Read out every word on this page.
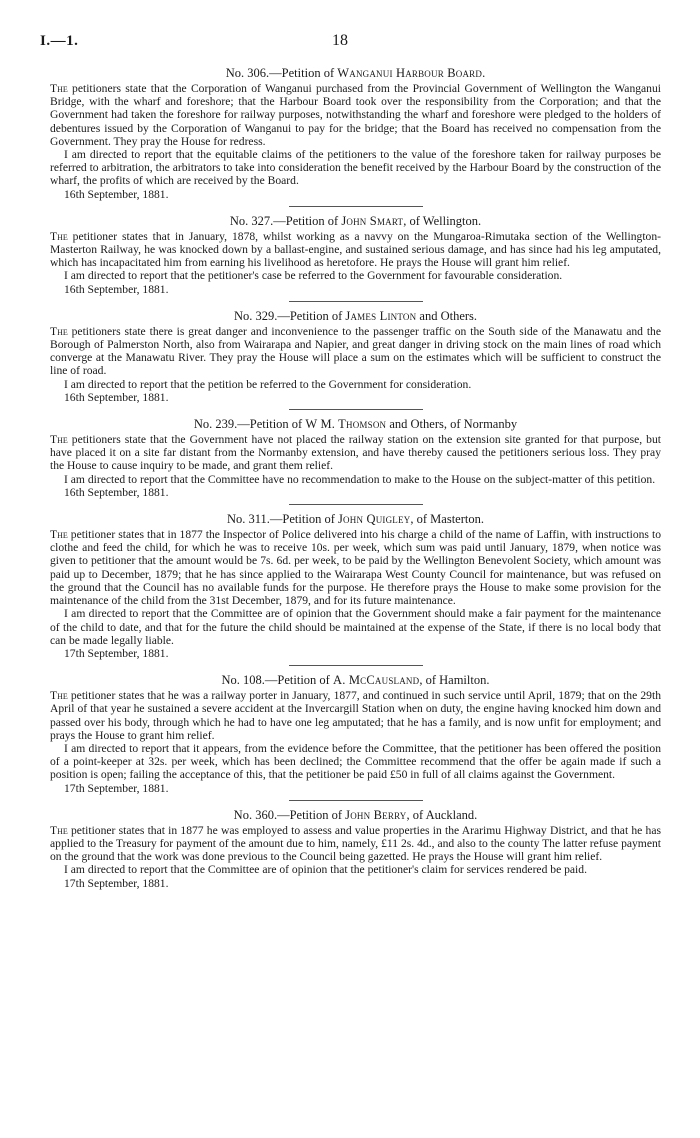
I.—1.	18
No. 306.—Petition of Wanganui Harbour Board.

The petitioners state that the Corporation of Wanganui purchased from the Provincial Government of Wellington the Wanganui Bridge, with the wharf and foreshore; that the Harbour Board took over the responsibility from the Corporation; and that the Government had taken the foreshore for railway purposes, notwithstanding the wharf and foreshore were pledged to the holders of debentures issued by the Corporation of Wanganui to pay for the bridge; that the Board has received no compensation from the Government. They pray the House for redress.

I am directed to report that the equitable claims of the petitioners to the value of the foreshore taken for railway purposes be referred to arbitration, the arbitrators to take into consideration the benefit received by the Harbour Board by the construction of the wharf, the profits of which are received by the Board.

16th September, 1881.

No. 327.—Petition of John Smart, of Wellington.

The petitioner states that in January, 1878, whilst working as a navvy on the Mungaroa-Rimutaka section of the Wellington-Masterton Railway, he was knocked down by a ballast-engine, and sustained serious damage, and has since had his leg amputated, which has incapacitated him from earning his livelihood as heretofore. He prays the House will grant him relief.

I am directed to report that the petitioner's case be referred to the Government for favourable consideration.

16th September, 1881.

No. 329.—Petition of James Linton and Others.

The petitioners state there is great danger and inconvenience to the passenger traffic on the South side of the Manawatu and the Borough of Palmerston North, also from Wairarapa and Napier, and great danger in driving stock on the main lines of road which converge at the Manawatu River. They pray the House will place a sum on the estimates which will be sufficient to construct the line of road.

I am directed to report that the petition be referred to the Government for consideration.

16th September, 1881.

No. 239.—Petition of W M. Thomson and Others, of Normanby

The petitioners state that the Government have not placed the railway station on the extension site granted for that purpose, but have placed it on a site far distant from the Normanby extension, and have thereby caused the petitioners serious loss. They pray the House to cause inquiry to be made, and grant them relief.

I am directed to report that the Committee have no recommendation to make to the House on the subject-matter of this petition.

16th September, 1881.

No. 311.—Petition of John Quigley, of Masterton.

The petitioner states that in 1877 the Inspector of Police delivered into his charge a child of the name of Laffin, with instructions to clothe and feed the child, for which he was to receive 10s. per week, which sum was paid until January, 1879, when notice was given to petitioner that the amount would be 7s. 6d. per week, to be paid by the Wellington Benevolent Society, which amount was paid up to December, 1879; that he has since applied to the Wairarapa West County Council for maintenance, but was refused on the ground that the Council has no available funds for the purpose. He therefore prays the House to make some provision for the maintenance of the child from the 31st December, 1879, and for its future maintenance.

I am directed to report that the Committee are of opinion that the Government should make a fair payment for the maintenance of the child to date, and that for the future the child should be maintained at the expense of the State, if there is no local body that can be made legally liable.

17th September, 1881.

No. 108.—Petition of A. McCausland, of Hamilton.

The petitioner states that he was a railway porter in January, 1877, and continued in such service until April, 1879; that on the 29th April of that year he sustained a severe accident at the Invercargill Station when on duty, the engine having knocked him down and passed over his body, through which he had to have one leg amputated; that he has a family, and is now unfit for employment; and prays the House to grant him relief.

I am directed to report that it appears, from the evidence before the Committee, that the petitioner has been offered the position of a point-keeper at 32s. per week, which has been declined; the Committee recommend that the offer be again made if such a position is open; failing the acceptance of this, that the petitioner be paid £50 in full of all claims against the Government.

17th September, 1881.

No. 360.—Petition of John Berry, of Auckland.

The petitioner states that in 1877 he was employed to assess and value properties in the Ararimu Highway District, and that he has applied to the Treasury for payment of the amount due to him, namely, £11 2s. 4d., and also to the county The latter refuse payment on the ground that the work was done previous to the Council being gazetted. He prays the House will grant him relief.

I am directed to report that the Committee are of opinion that the petitioner's claim for services rendered be paid.

17th September, 1881.
